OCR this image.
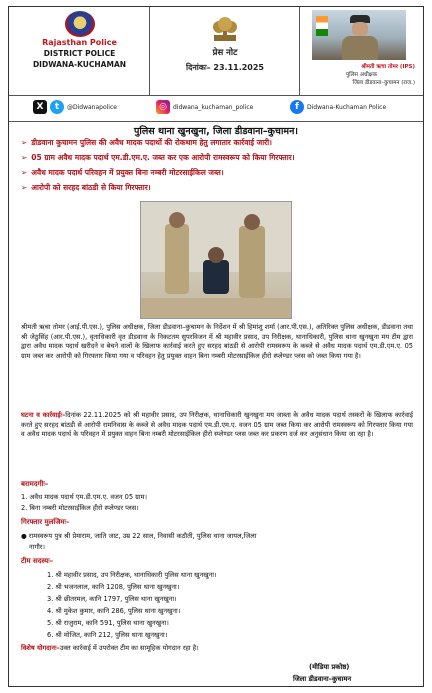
Rajasthan Police
DISTRICT POLICE
DIDWANA-KUCHAMAN
प्रेस नोट
दिनांकः– 23.11.2025	श्रीमती ऋचा तोमर (IPS)
पुलिस अधीक्षक
जिला डीडवाना–कुचामन (राज.)
X	t	@Didwanapolice	◎	didwana_kuchaman_police	f	Didwana-Kuchaman Police
पुलिस थाना खुनखुना, जिला डीडवाना–कुचामन।
➢ डीडवाना कुचामन पुलिस की अवैध मादक पदार्थो की रोकथाम हेतु लगातार कार्रवाई जारी।
➢ 05 ग्राम अवैध मादक पदार्थ एम.डी.एम.ए. जब्त कर एक आरोपी रामस्वरूप को किया गिरफ्तार।
➢ अवैध मादक पदार्थ परिवहन में प्रयुक्त बिना नम्बरी मोटरसाईकिल जब्त।
➢ आरोपी को सरहद बांठडी से किया गिरफ्तार।
श्रीमती ऋचा तोमर (आई.पी.एस.), पुलिस अधीक्षक, जिला डीडवाना–कुचामन के निर्देशन में श्री हिमांशु शर्मा (आर.पी.एस.), अतिरिक्त पुलिस अधीक्षक, डीडवाना तथा श्री जेठुसिंह (आर.पी.एस.), वृताधिकारी वृत डीडवाना के निकटतम सुपरविजन में श्री महावीर प्रसाद, उप निरीक्षक, थानाधिकारी, पुलिस थाना खुनखुना मय टीम द्वारा द्वारा अवैध मादक पदार्थ खरीदने व बेचने वालों के खिलाफ कार्रवाई करते हुए सरहद बांठडी से आरोपी रामस्वरूप के कब्जे से अवैध मादक पदार्थ एम.डी.एम.ए. 05 ग्राम जब्त कर आरोपी को गिरफ्तार किया गया व परिवहन हेतु प्रयुक्त वाहन बिना नम्बरी मोटरसाईकिल हीरो स्प्लेण्डर प्लस को जब्त किया गया है।
घटना व कार्रवाईः–दिनांक 22.11.2025 को श्री महावीर प्रसाद, उप निरीक्षक, थानाधिकारी खुनखुना मय जाब्ता के अवैध मादक पदार्थ तस्करों के खिलाफ कार्रवाई करते हुए सरहद बांठडी से आरोपी रामनिवास के कब्जे से अवैध मादक पदार्थ एम.डी.एम.ए. वजन 05 ग्राम जब्त किया कर आरोपी रामस्वरूप को गिरफ्तार किया गया व अवैध मादक पदार्थ के परिवहन में प्रयुक्त वाहन बिना नम्बरी मोटरसाईकिल हीरो स्प्लेण्डर प्लस जब्त कर प्रकरण दर्ज कर अनुसंधान किया जा रहा है।
बरामदगीः–
1. अवैध मादक पदार्थ एम.डी.एम.ए. वजन 05 ग्राम।
2. बिना नम्बरी मोटरसाईकिल हीरो स्प्लेण्डर प्लस।
गिरफ्तार मुलजिमः–
● रामस्वरूप पुत्र श्री प्रेमाराम, जाति जाट, उम्र 22 साल, निवासी कठौती, पुलिस थाना जायल,जिला
नागौर।
टीम सदस्यः–
1. श्री महावीर प्रसाद, उप निरीक्षक, थानाधिकारी पुलिस थाना खुनखुना।
2. श्री भजनलाल, कानि 1208, पुलिस थाना खुनखुना।
3. श्री छीतरमल, कानि 1797, पुलिस थाना खुनखुना।
4. श्री मुकेश कुमार, कानि 286, पुलिस थाना खुनखुना।
5. श्री राजुराम, कानि 591, पुलिस थाना खुनखुना।
6. श्री मोजित, कानि 212, पुलिस थाना खुनखुना।
विशेष योगदानः–उक्त कार्रवाई में उपरोक्त टीम का सामूहिक योगदान रहा है।
(मीडिया प्रकोष्ठ)
जिला डीडवाना–कुचामन
